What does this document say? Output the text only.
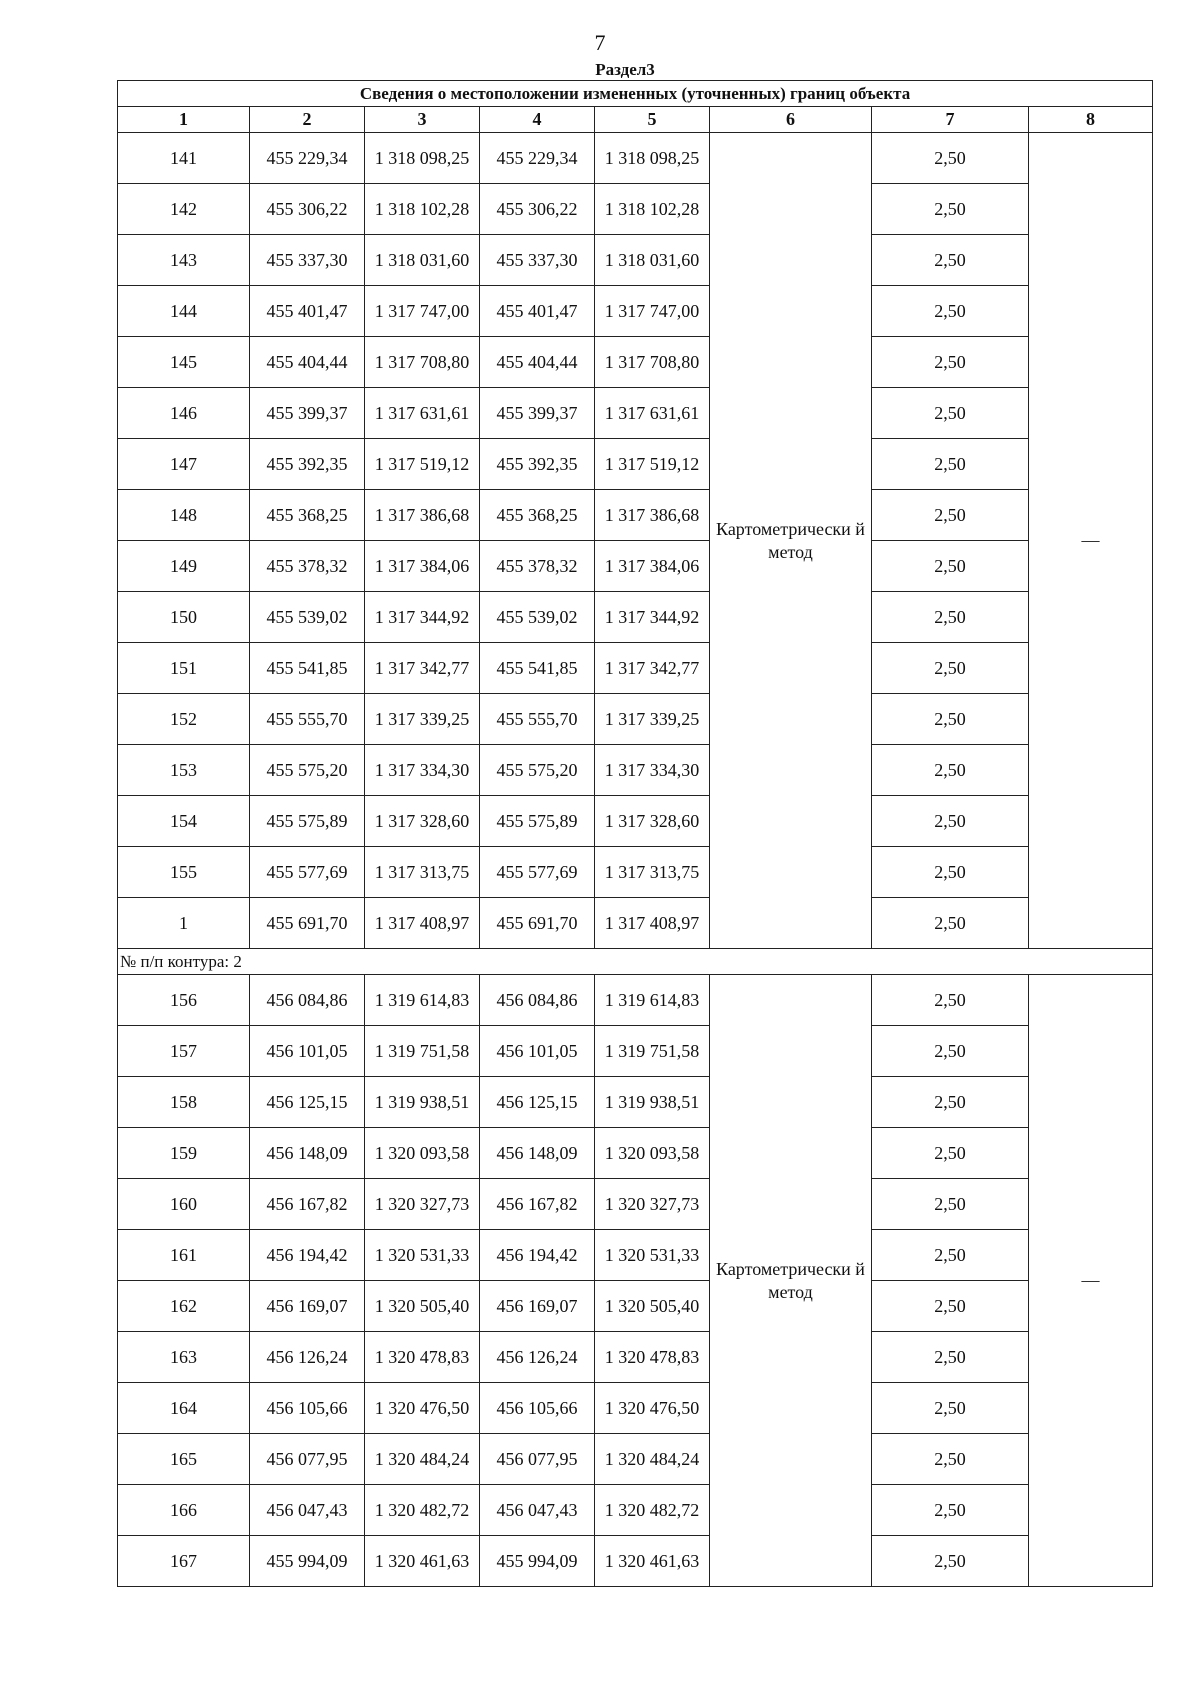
7
Раздел3
Сведения о местоположении измененных (уточненных) границ объекта							
1	2	3	4	5	6	7	8
141	455 229,34	1 318 098,25	455 229,34	1 318 098,25	Картометрически й метод	2,50	—
142	455 306,22	1 318 102,28	455 306,22	1 318 102,28		2,50	
143	455 337,30	1 318 031,60	455 337,30	1 318 031,60		2,50	
144	455 401,47	1 317 747,00	455 401,47	1 317 747,00		2,50	
145	455 404,44	1 317 708,80	455 404,44	1 317 708,80		2,50	
146	455 399,37	1 317 631,61	455 399,37	1 317 631,61		2,50	
147	455 392,35	1 317 519,12	455 392,35	1 317 519,12		2,50	
148	455 368,25	1 317 386,68	455 368,25	1 317 386,68		2,50	
149	455 378,32	1 317 384,06	455 378,32	1 317 384,06		2,50	
150	455 539,02	1 317 344,92	455 539,02	1 317 344,92		2,50	
151	455 541,85	1 317 342,77	455 541,85	1 317 342,77		2,50	
152	455 555,70	1 317 339,25	455 555,70	1 317 339,25		2,50	
153	455 575,20	1 317 334,30	455 575,20	1 317 334,30		2,50	
154	455 575,89	1 317 328,60	455 575,89	1 317 328,60		2,50	
155	455 577,69	1 317 313,75	455 577,69	1 317 313,75		2,50	
1	455 691,70	1 317 408,97	455 691,70	1 317 408,97		2,50	
№ п/п контура: 2							
156	456 084,86	1 319 614,83	456 084,86	1 319 614,83	Картометрически й метод	2,50	—
157	456 101,05	1 319 751,58	456 101,05	1 319 751,58		2,50	
158	456 125,15	1 319 938,51	456 125,15	1 319 938,51		2,50	
159	456 148,09	1 320 093,58	456 148,09	1 320 093,58		2,50	
160	456 167,82	1 320 327,73	456 167,82	1 320 327,73		2,50	
161	456 194,42	1 320 531,33	456 194,42	1 320 531,33		2,50	
162	456 169,07	1 320 505,40	456 169,07	1 320 505,40		2,50	
163	456 126,24	1 320 478,83	456 126,24	1 320 478,83		2,50	
164	456 105,66	1 320 476,50	456 105,66	1 320 476,50		2,50	
165	456 077,95	1 320 484,24	456 077,95	1 320 484,24		2,50	
166	456 047,43	1 320 482,72	456 047,43	1 320 482,72		2,50	
167	455 994,09	1 320 461,63	455 994,09	1 320 461,63		2,50	
